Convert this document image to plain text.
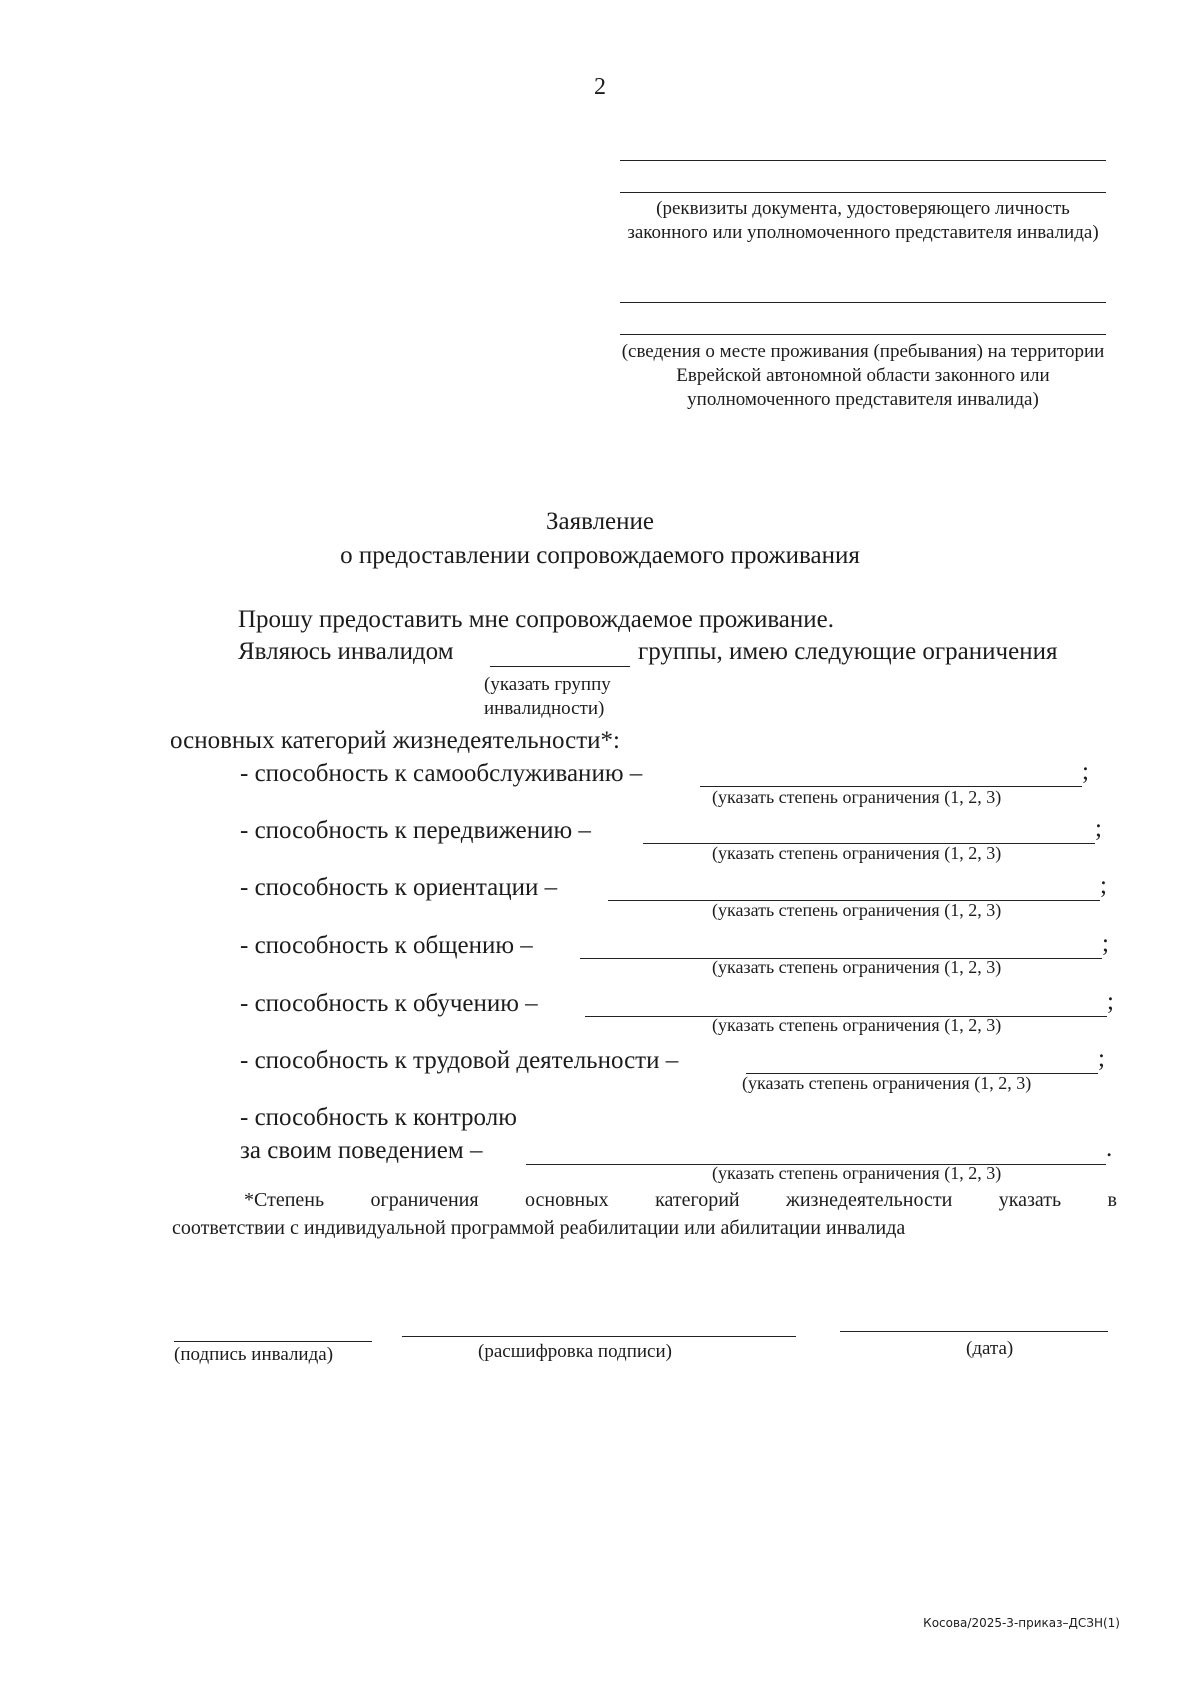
2
(реквизиты документа, удостоверяющего личность законного или уполномоченного представителя инвалида)
(сведения о месте проживания (пребывания) на территории Еврейской автономной области законного или уполномоченного представителя инвалида)
Заявление
о предоставлении сопровождаемого проживания
Прошу предоставить мне сопровождаемое проживание.
Являюсь инвалидом	группы, имею следующие ограничения
(указать группу
инвалидности)
основных категорий жизнедеятельности*:
- способность к самообслуживанию –	;
(указать степень ограничения (1, 2, 3)
- способность к передвижению –	;
(указать степень ограничения (1, 2, 3)
- способность к ориентации –	;
(указать степень ограничения (1, 2, 3)
- способность к общению –	;
(указать степень ограничения (1, 2, 3)
- способность к обучению –	;
(указать степень ограничения (1, 2, 3)
- способность к трудовой деятельности –	;
(указать степень ограничения (1, 2, 3)
- способность к контролю
за своим поведением –	.
(указать степень ограничения (1, 2, 3)
*Степень ограничения основных категорий жизнедеятельности указать в
соответствии с индивидуальной программой реабилитации или абилитации инвалида
(подпись инвалида)	(расшифровка подписи)	(дата)
Косова/2025-3-приказ–ДСЗН(1)
